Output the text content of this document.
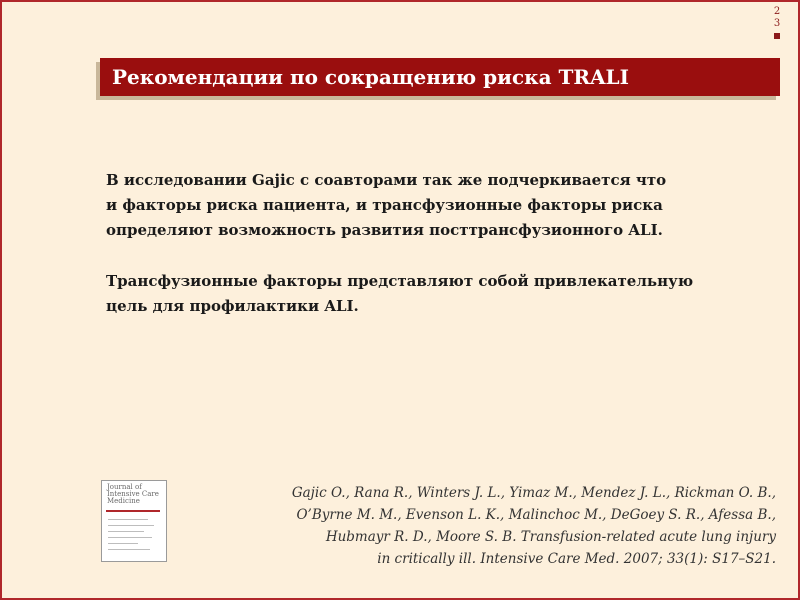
2
3
Рекомендации по сокращению риска TRALI

В исследовании Gajic с соавторами так же подчеркивается что
и факторы риска пациента, и трансфузионные факторы риска
определяют возможность развития посттрансфузионного ALI.

Трансфузионные факторы представляют собой привлекательную
цель для профилактики ALI.

Journal of
Intensive Care
Medicine	Gajic O., Rana R., Winters J. L., Yimaz M., Mendez J. L., Rickman O. B.,
O’Byrne M. M., Evenson L. K., Malinchoc M., DeGoey S. R., Afessa B.,
Hubmayr R. D., Moore S. B. Transfusion-related acute lung injury
in critically ill. Intensive Care Med. 2007; 33(1): S17–S21.
